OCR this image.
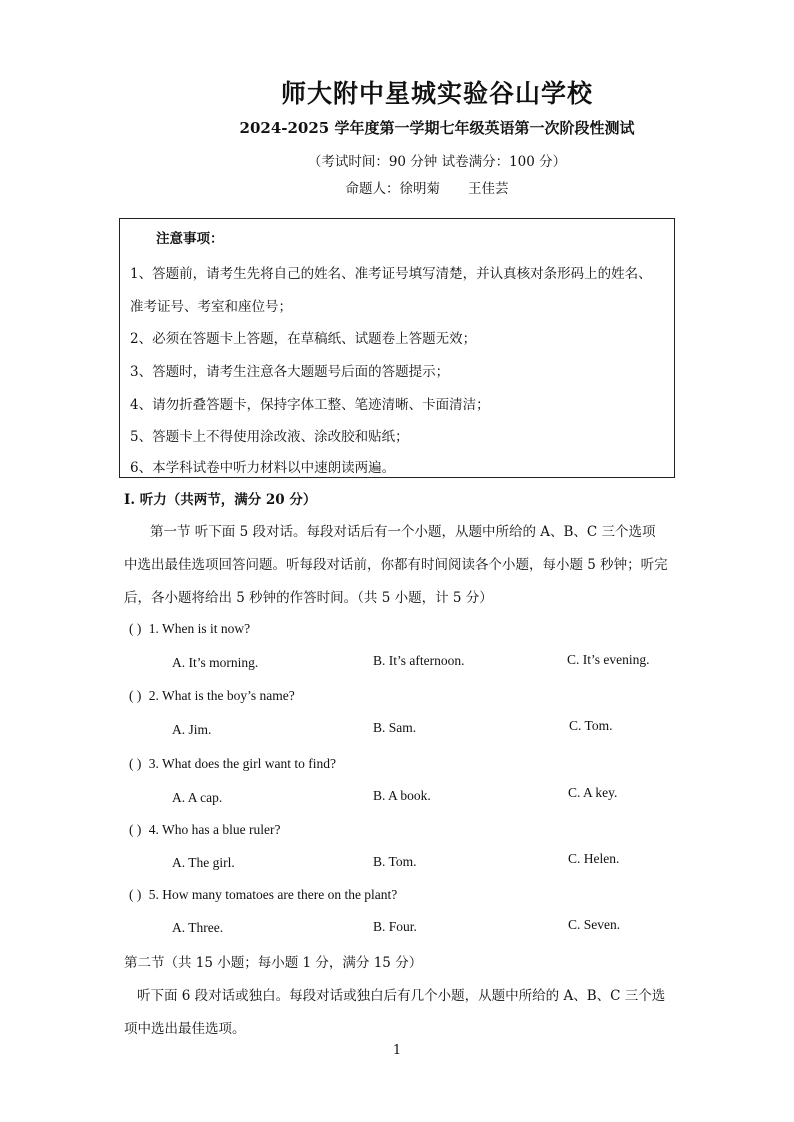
师大附中星城实验谷山学校
2024-2025 学年度第一学期七年级英语第一次阶段性测试
（考试时间：90 分钟 试卷满分：100 分）
命题人：徐明菊 王佳芸
注意事项：
1、答题前，请考生先将自己的姓名、准考证号填写清楚，并认真核对条形码上的姓名、
准考证号、考室和座位号；
2、必须在答题卡上答题，在草稿纸、试题卷上答题无效；
3、答题时，请考生注意各大题题号后面的答题提示；
4、请勿折叠答题卡，保持字体工整、笔迹清晰、卡面清洁；
5、答题卡上不得使用涂改液、涂改胶和贴纸；
6、本学科试卷中听力材料以中速朗读两遍。
I. 听力（共两节，满分 20 分）
第一节 听下面 5 段对话。每段对话后有一个小题，从题中所给的 A、B、C 三个选项
中选出最佳选项回答问题。听每段对话前，你都有时间阅读各个小题，每小题 5 秒钟；听完
后，各小题将给出 5 秒钟的作答时间。（共 5 小题，计 5 分）
( ) 1. When is it now?
A. It’s morning.	B. It’s afternoon.	C. It’s evening.
( ) 2. What is the boy’s name?
A. Jim.	B. Sam.	C. Tom.
( ) 3. What does the girl want to find?
A. A cap.	B. A book.	C. A key.
( ) 4. Who has a blue ruler?
A. The girl.	B. Tom.	C. Helen.
( ) 5. How many tomatoes are there on the plant?
A. Three.	B. Four.	C. Seven.
第二节（共 15 小题；每小题 1 分，满分 15 分）
听下面 6 段对话或独白。每段对话或独白后有几个小题，从题中所给的 A、B、C 三个选
项中选出最佳选项。
1
